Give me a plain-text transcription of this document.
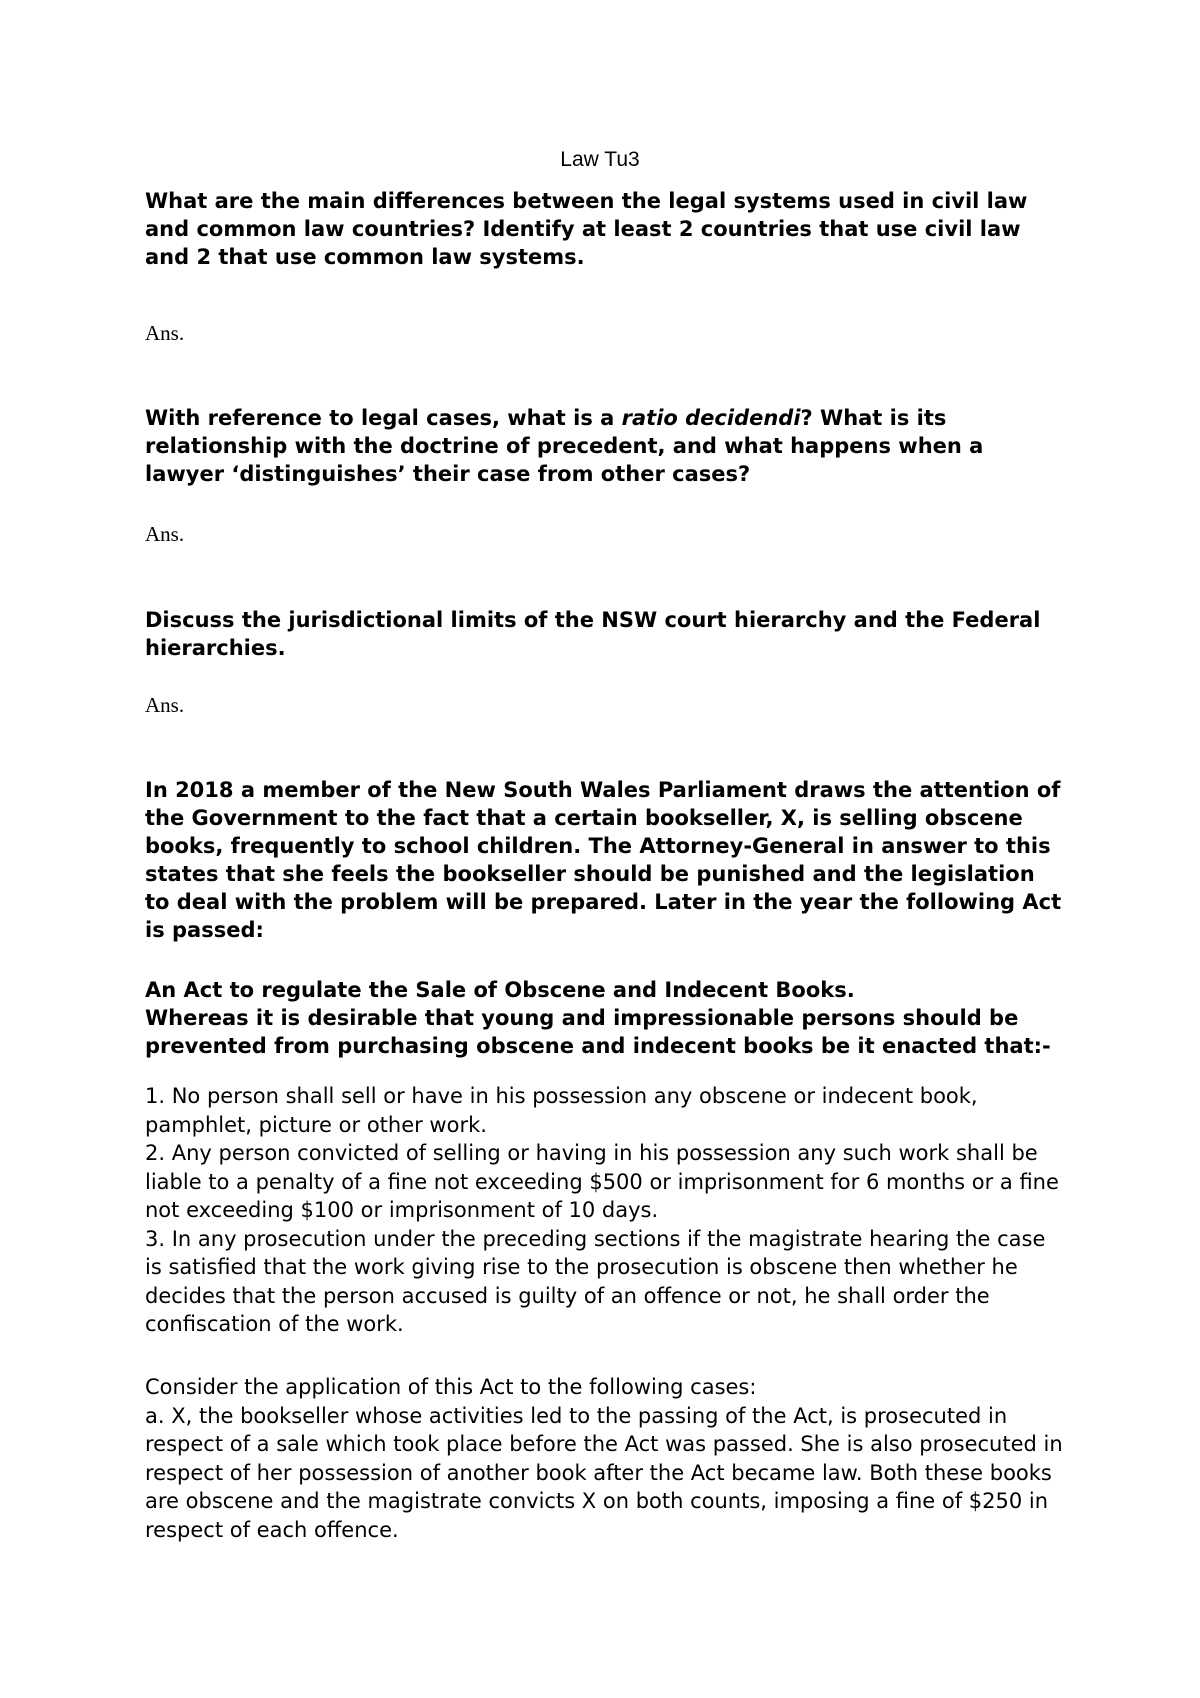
Law Tu3

What are the main differences between the legal systems used in civil law and common law countries? Identify at least 2 countries that use civil law and 2 that use common law systems.

Ans.

With reference to legal cases, what is a ratio decidendi? What is its relationship with the doctrine of precedent, and what happens when a lawyer ‘distinguishes’ their case from other cases?

Ans.

Discuss the jurisdictional limits of the NSW court hierarchy and the Federal hierarchies.

Ans.

In 2018 a member of the New South Wales Parliament draws the attention of the Government to the fact that a certain bookseller, X, is selling obscene books, frequently to school children. The Attorney-General in answer to this states that she feels the bookseller should be punished and the legislation to deal with the problem will be prepared. Later in the year the following Act is passed:

An Act to regulate the Sale of Obscene and Indecent Books.

Whereas it is desirable that young and impressionable persons should be prevented from purchasing obscene and indecent books be it enacted that:-

1. No person shall sell or have in his possession any obscene or indecent book, pamphlet, picture or other work.

2. Any person convicted of selling or having in his possession any such work shall be liable to a penalty of a fine not exceeding $500 or imprisonment for 6 months or a fine not exceeding $100 or imprisonment of 10 days.

3. In any prosecution under the preceding sections if the magistrate hearing the case is satisfied that the work giving rise to the prosecution is obscene then whether he decides that the person accused is guilty of an offence or not, he shall order the confiscation of the work.

Consider the application of this Act to the following cases:

a. X, the bookseller whose activities led to the passing of the Act, is prosecuted in respect of a sale which took place before the Act was passed. She is also prosecuted in respect of her possession of another book after the Act became law. Both these books are obscene and the magistrate convicts X on both counts, imposing a fine of $250 in respect of each offence.
